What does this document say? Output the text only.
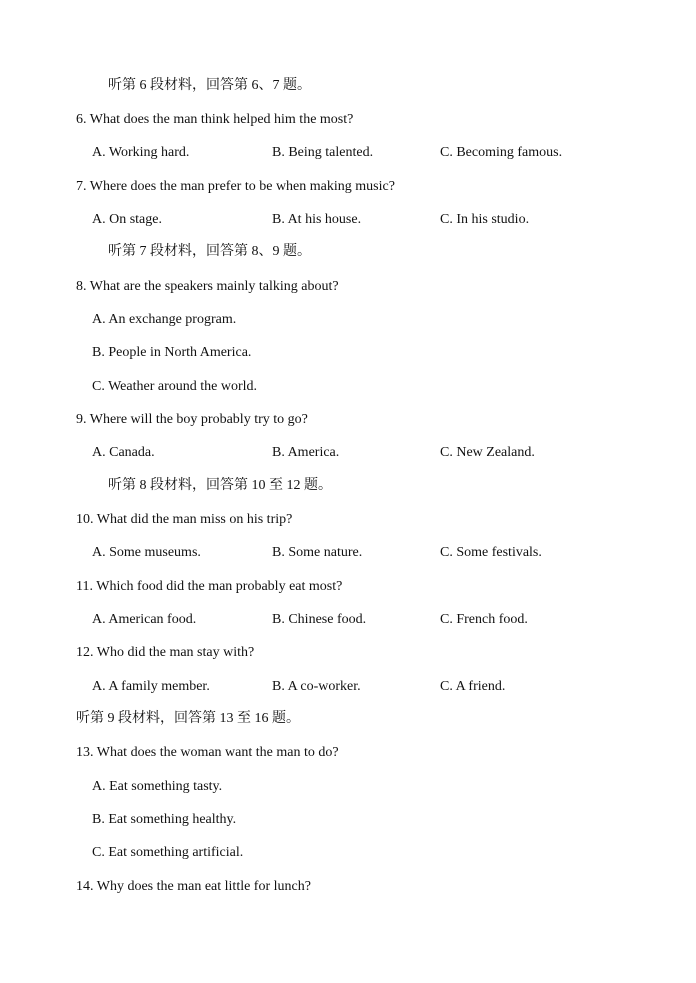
听第 6 段材料，回答第 6、7 题。
6. What does the man think helped him the most?
A. Working hard.	B. Being talented.	C. Becoming famous.
7. Where does the man prefer to be when making music?
A. On stage.	B. At his house.	C. In his studio.
听第 7 段材料，回答第 8、9 题。
8. What are the speakers mainly talking about?
A. An exchange program.
B. People in North America.
C. Weather around the world.
9. Where will the boy probably try to go?
A. Canada.	B. America.	C. New Zealand.
听第 8 段材料，回答第 10 至 12 题。
10. What did the man miss on his trip?
A. Some museums.	B. Some nature.	C. Some festivals.
11. Which food did the man probably eat most?
A. American food.	B. Chinese food.	C. French food.
12. Who did the man stay with?
A. A family member.	B. A co-worker.	C. A friend.
听第 9 段材料，回答第 13 至 16 题。
13. What does the woman want the man to do?
A. Eat something tasty.
B. Eat something healthy.
C. Eat something artificial.
14. Why does the man eat little for lunch?
